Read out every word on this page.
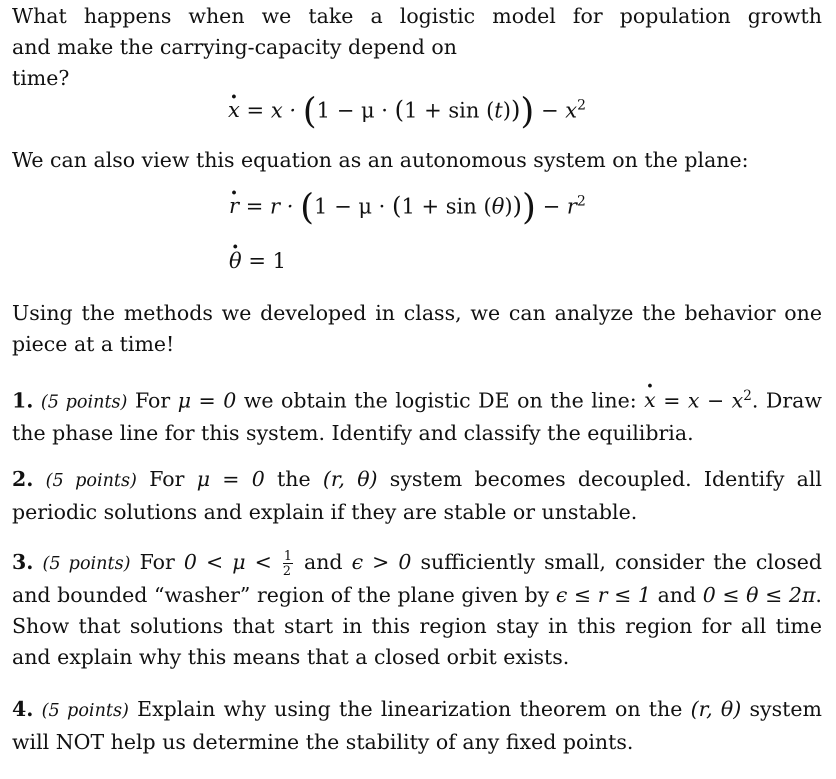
What happens when we take a logistic model for population growth
and make the carrying-capacity depend on
time?
x · = $x \cdot (1 - \mu \cdot (1 + \sin (t))) - x^2$
We can also view this equation as an autonomous system on the plane:
r · = $r \cdot (1 - \mu \cdot (1 + \sin (\theta))) - r^2$
θ · = 1
Using the methods we developed in class, we can analyze the behavior one piece at a time!
1. (5 points) For μ = 0 we obtain the logistic DE on the line: x · = $x - x^2$. Draw the phase line for this system. Identify and classify the equilibria.
2. (5 points) For μ = 0 the (r, θ) system becomes decoupled. Identify all periodic solutions and explain if they are stable or unstable.
3. (5 points) For $0 < \mu < \frac{1}{2}$ and ϵ > 0 sufficiently small, consider the closed and bounded “washer” region of the plane given by ϵ ≤ r ≤ 1 and 0 ≤ θ ≤ 2π. Show that solutions that start in this region stay in this region for all time and explain why this means that a closed orbit exists.
4. (5 points) Explain why using the linearization theorem on the (r, θ) system will NOT help us determine the stability of any fixed points.
